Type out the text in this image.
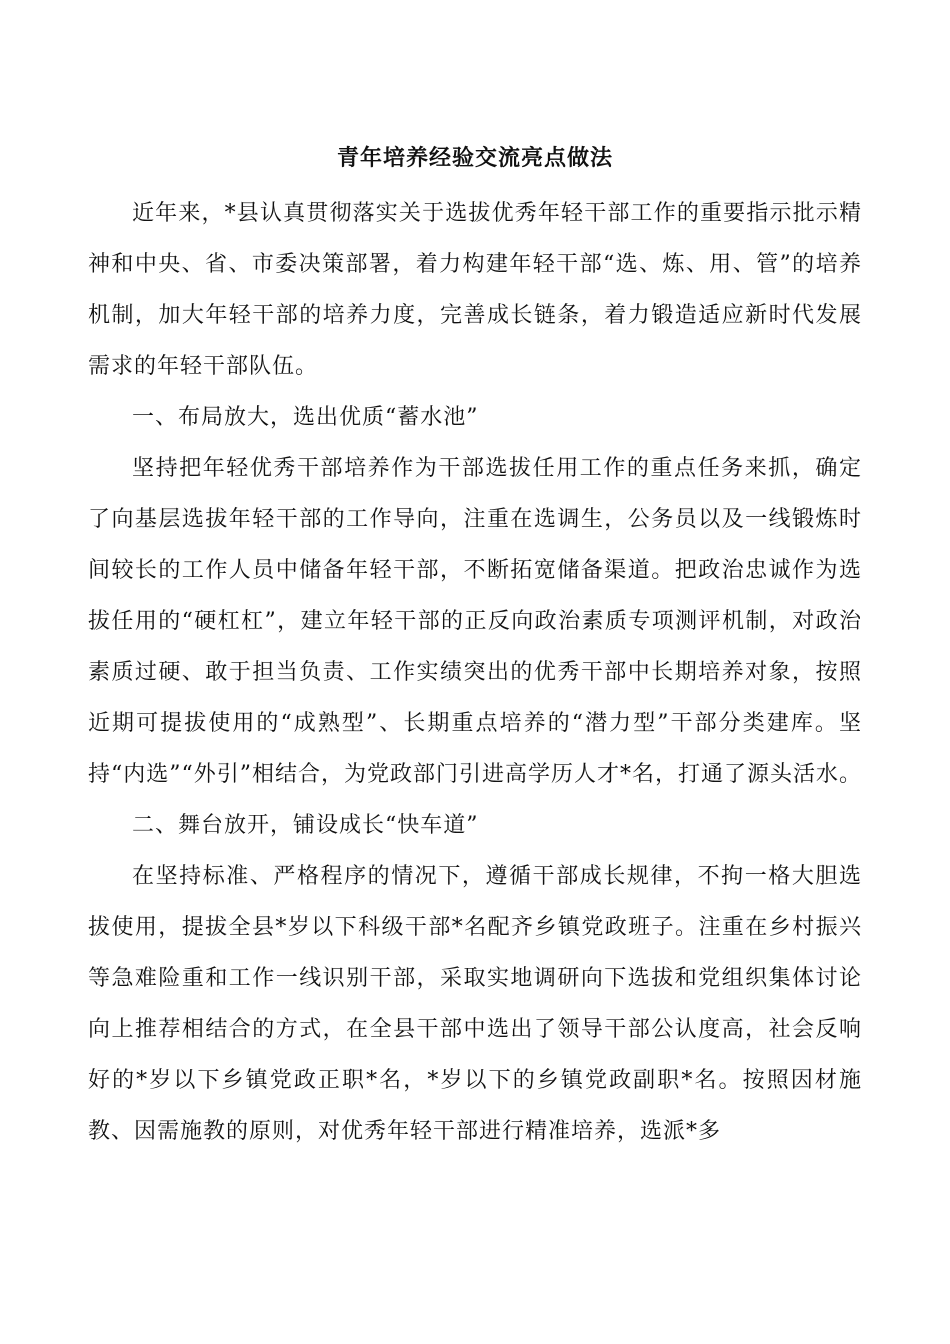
青年培养经验交流亮点做法

近年来，*县认真贯彻落实关于选拔优秀年轻干部工作的重要指示批示精神和中央、省、市委决策部署，着力构建年轻干部“选、炼、用、管”的培养机制，加大年轻干部的培养力度，完善成长链条，着力锻造适应新时代发展需求的年轻干部队伍。

一、布局放大，选出优质“蓄水池”

坚持把年轻优秀干部培养作为干部选拔任用工作的重点任务来抓，确定了向基层选拔年轻干部的工作导向，注重在选调生，公务员以及一线锻炼时间较长的工作人员中储备年轻干部，不断拓宽储备渠道。把政治忠诚作为选拔任用的“硬杠杠”，建立年轻干部的正反向政治素质专项测评机制，对政治素质过硬、敢于担当负责、工作实绩突出的优秀干部中长期培养对象，按照近期可提拔使用的“成熟型”、长期重点培养的“潜力型”干部分类建库。坚持“内选”“外引”相结合，为党政部门引进高学历人才*名，打通了源头活水。

二、舞台放开，铺设成长“快车道”

在坚持标准、严格程序的情况下，遵循干部成长规律，不拘一格大胆选拔使用，提拔全县*岁以下科级干部*名配齐乡镇党政班子。注重在乡村振兴等急难险重和工作一线识别干部，采取实地调研向下选拔和党组织集体讨论向上推荐相结合的方式，在全县干部中选出了领导干部公认度高，社会反响好的*岁以下乡镇党政正职*名，*岁以下的乡镇党政副职*名。按照因材施教、因需施教的原则，对优秀年轻干部进行精准培养，选派*多
